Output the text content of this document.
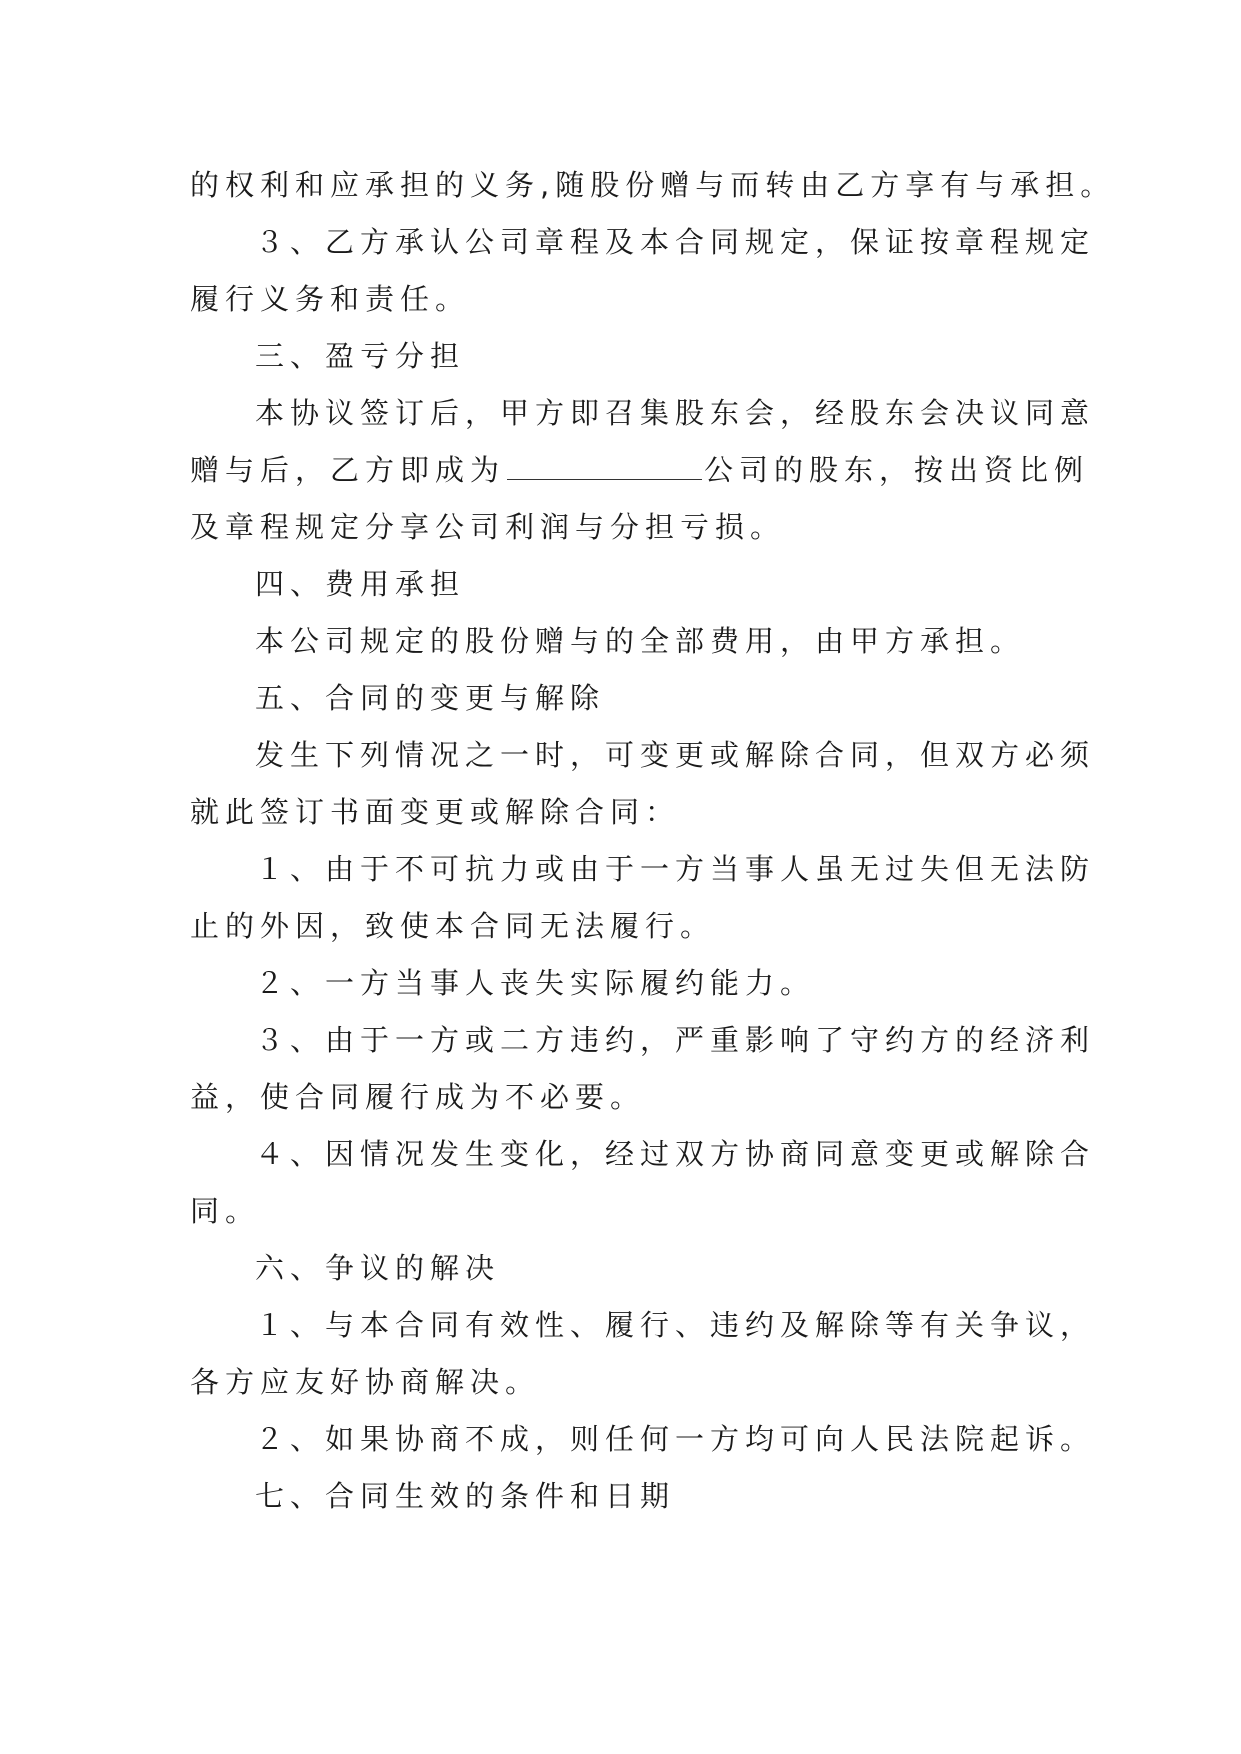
的权利和应承担的义务,随股份赠与而转由乙方享有与承担。

３、乙方承认公司章程及本合同规定，保证按章程规定

履行义务和责任。

三、盈亏分担

本协议签订后，甲方即召集股东会，经股东会决议同意

赠与后，乙方即成为	公司的股东，按出资比例

及章程规定分享公司利润与分担亏损。

四、费用承担

本公司规定的股份赠与的全部费用，由甲方承担。

五、合同的变更与解除

发生下列情况之一时，可变更或解除合同，但双方必须

就此签订书面变更或解除合同：

１、由于不可抗力或由于一方当事人虽无过失但无法防

止的外因，致使本合同无法履行。

２、一方当事人丧失实际履约能力。

３、由于一方或二方违约，严重影响了守约方的经济利

益，使合同履行成为不必要。

４、因情况发生变化，经过双方协商同意变更或解除合

同。

六、争议的解决

１、与本合同有效性、履行、违约及解除等有关争议，

各方应友好协商解决。

２、如果协商不成，则任何一方均可向人民法院起诉。

七、合同生效的条件和日期
